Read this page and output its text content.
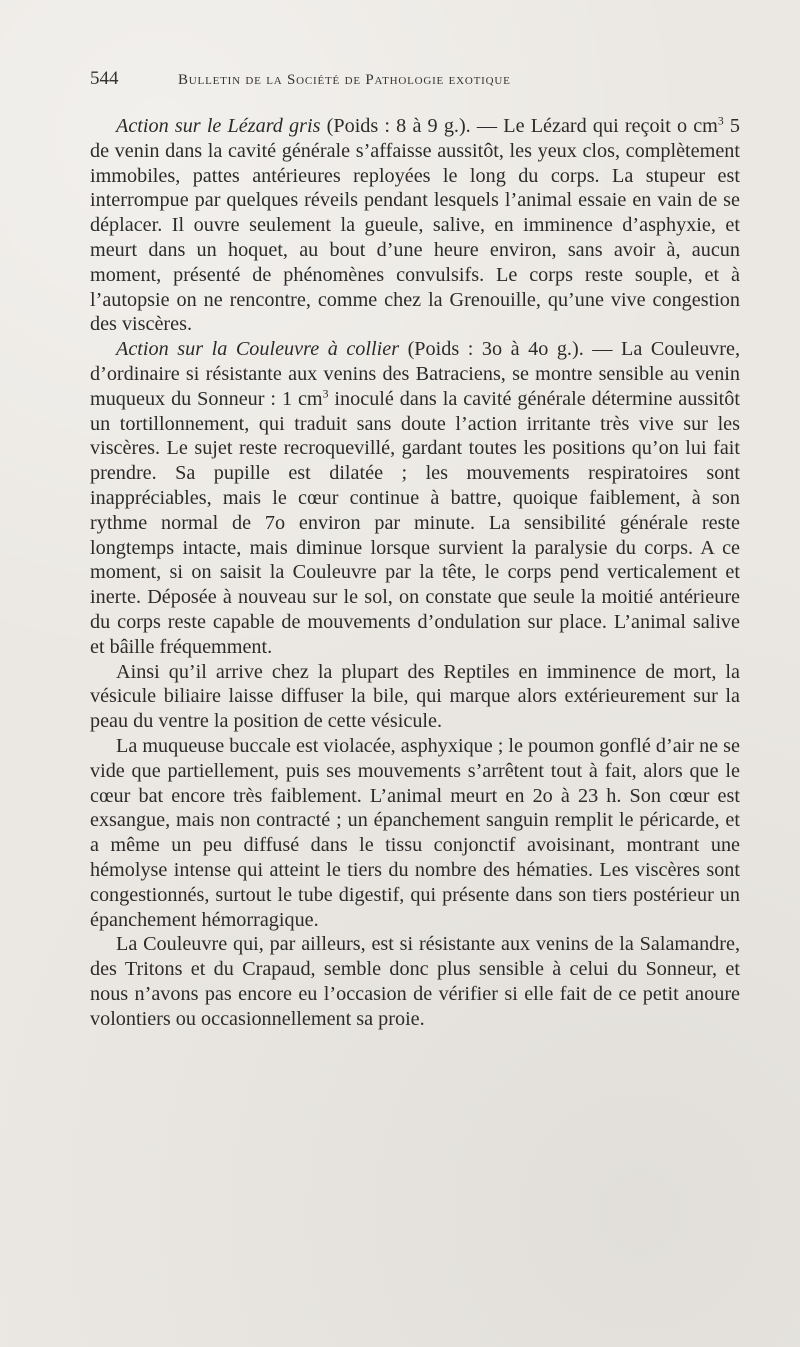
544	Bulletin de la Société de Pathologie exotique

Action sur le Lézard gris (Poids : 8 à 9 g.). — Le Lézard qui reçoit o $cm^3$ 5 de venin dans la cavité générale s’affaisse aussitôt, les yeux clos, complètement immobiles, pattes antérieures reployées le long du corps. La stupeur est interrompue par quelques réveils pendant lesquels l’animal essaie en vain de se déplacer. Il ouvre seulement la gueule, salive, en imminence d’asphyxie, et meurt dans un hoquet, au bout d’une heure environ, sans avoir à, aucun moment, présenté de phénomènes convulsifs. Le corps reste souple, et à l’autopsie on ne rencontre, comme chez la Grenouille, qu’une vive congestion des viscères.

Action sur la Couleuvre à collier (Poids : 3o à 4o g.). — La Couleuvre, d’ordinaire si résistante aux venins des Batraciens, se montre sensible au venin muqueux du Sonneur : 1 $cm^3$ inoculé dans la cavité générale détermine aussitôt un tortillonnement, qui traduit sans doute l’action irritante très vive sur les viscères. Le sujet reste recroquevillé, gardant toutes les positions qu’on lui fait prendre. Sa pupille est dilatée ; les mouvements respiratoires sont inappréciables, mais le cœur continue à battre, quoique faiblement, à son rythme normal de 7o environ par minute. La sensibilité générale reste longtemps intacte, mais diminue lorsque survient la paralysie du corps. A ce moment, si on saisit la Couleuvre par la tête, le corps pend verticalement et inerte. Déposée à nouveau sur le sol, on constate que seule la moitié antérieure du corps reste capable de mouvements d’ondulation sur place. L’animal salive et bâille fréquemment.

Ainsi qu’il arrive chez la plupart des Reptiles en imminence de mort, la vésicule biliaire laisse diffuser la bile, qui marque alors extérieurement sur la peau du ventre la position de cette vésicule.

La muqueuse buccale est violacée, asphyxique ; le poumon gonflé d’air ne se vide que partiellement, puis ses mouvements s’arrêtent tout à fait, alors que le cœur bat encore très faiblement. L’animal meurt en 2o à 23 h. Son cœur est exsangue, mais non contracté ; un épanchement sanguin remplit le péricarde, et a même un peu diffusé dans le tissu conjonctif avoisinant, montrant une hémolyse intense qui atteint le tiers du nombre des hématies. Les viscères sont congestionnés, surtout le tube digestif, qui présente dans son tiers postérieur un épanchement hémorragique.

La Couleuvre qui, par ailleurs, est si résistante aux venins de la Salamandre, des Tritons et du Crapaud, semble donc plus sensible à celui du Sonneur, et nous n’avons pas encore eu l’occasion de vérifier si elle fait de ce petit anoure volontiers ou occasionnellement sa proie.
